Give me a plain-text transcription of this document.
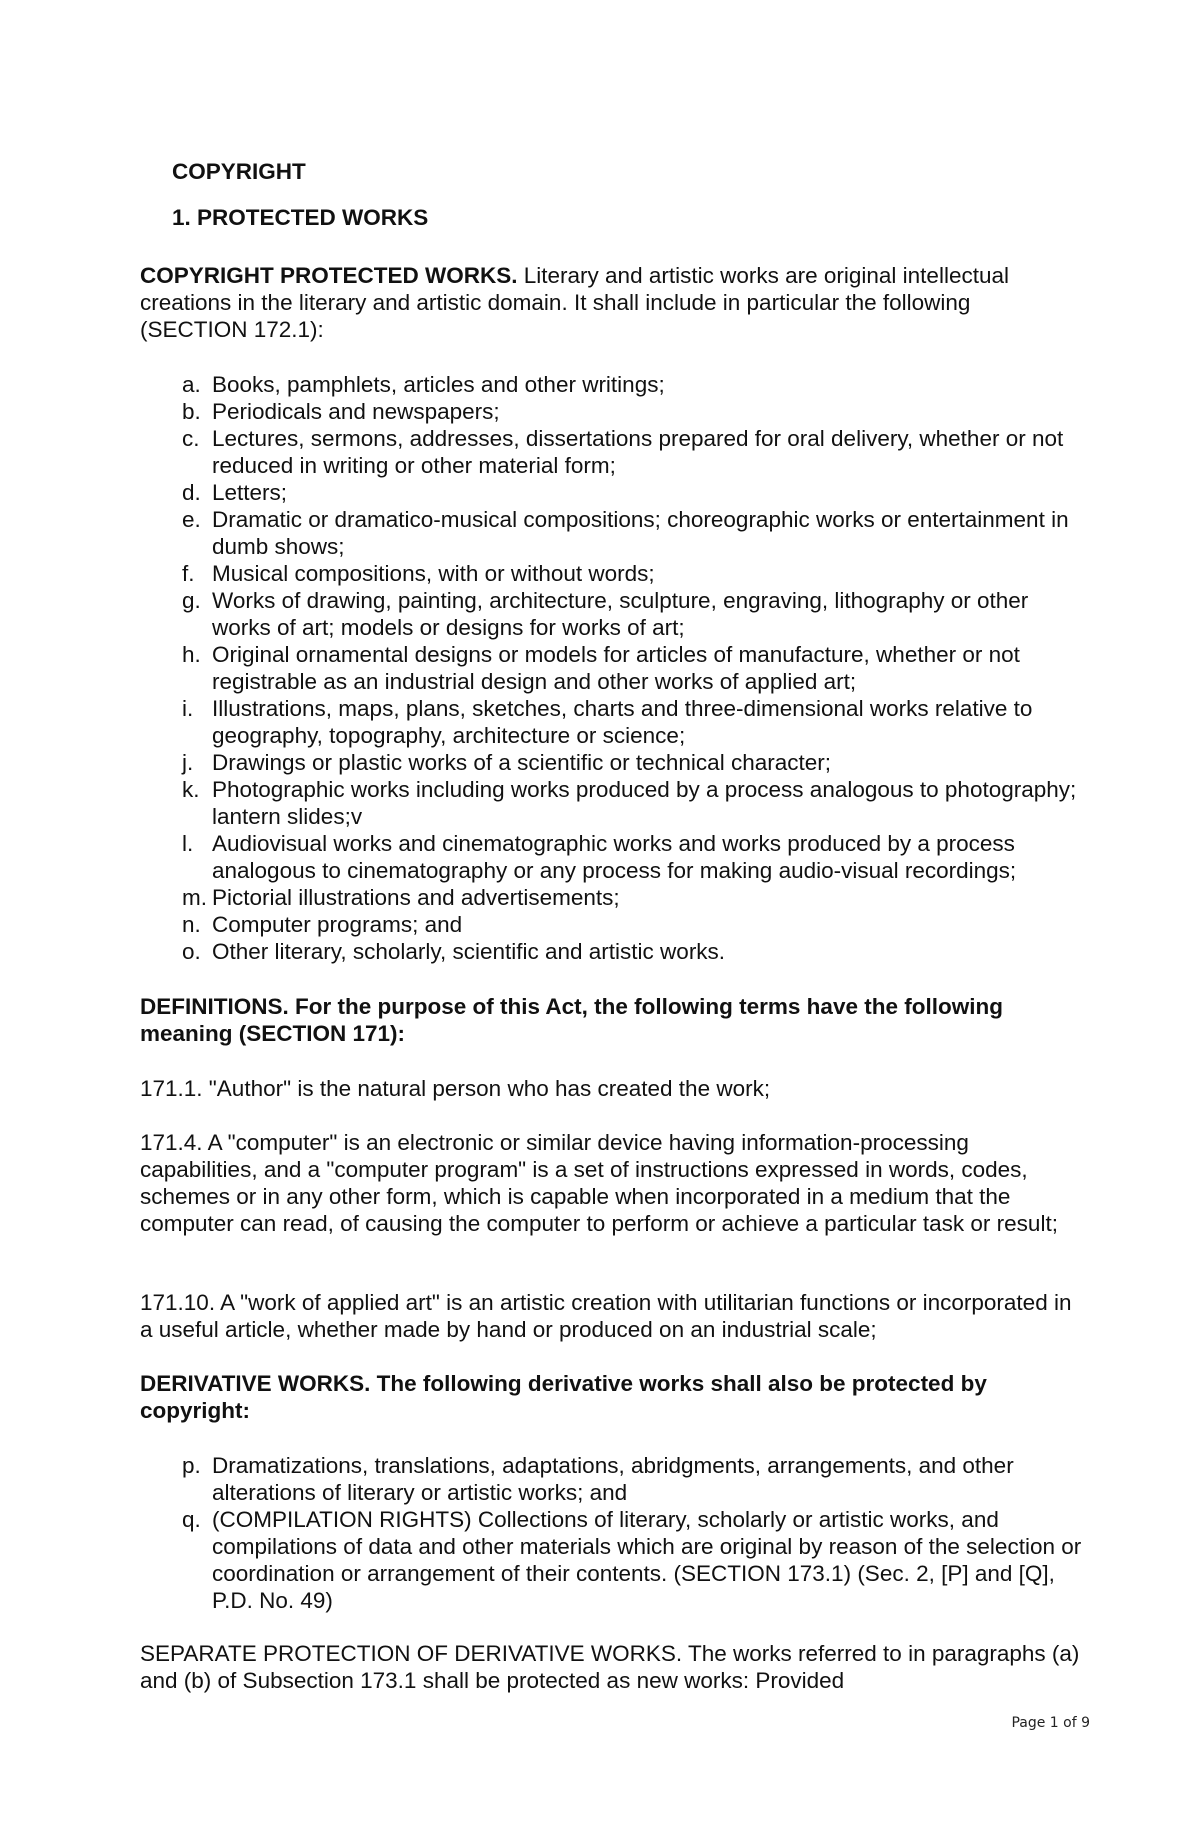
COPYRIGHT
1. PROTECTED WORKS
COPYRIGHT PROTECTED WORKS. Literary and artistic works are original intellectual creations in the literary and artistic domain. It shall include in particular the following (SECTION 172.1):
a. Books, pamphlets, articles and other writings;
b. Periodicals and newspapers;
c. Lectures, sermons, addresses, dissertations prepared for oral delivery, whether or not reduced in writing or other material form;
d. Letters;
e. Dramatic or dramatico-musical compositions; choreographic works or entertainment in dumb shows;
f. Musical compositions, with or without words;
g. Works of drawing, painting, architecture, sculpture, engraving, lithography or other works of art; models or designs for works of art;
h. Original ornamental designs or models for articles of manufacture, whether or not registrable as an industrial design and other works of applied art;
i. Illustrations, maps, plans, sketches, charts and three-dimensional works relative to geography, topography, architecture or science;
j. Drawings or plastic works of a scientific or technical character;
k. Photographic works including works produced by a process analogous to photography; lantern slides;v
l. Audiovisual works and cinematographic works and works produced by a process analogous to cinematography or any process for making audio-visual recordings;
m. Pictorial illustrations and advertisements;
n. Computer programs; and
o. Other literary, scholarly, scientific and artistic works.
DEFINITIONS. For the purpose of this Act, the following terms have the following meaning (SECTION 171):
171.1. "Author" is the natural person who has created the work;
171.4. A "computer" is an electronic or similar device having information-processing capabilities, and a "computer program" is a set of instructions expressed in words, codes, schemes or in any other form, which is capable when incorporated in a medium that the computer can read, of causing the computer to perform or achieve a particular task or result;
171.10. A "work of applied art" is an artistic creation with utilitarian functions or incorporated in a useful article, whether made by hand or produced on an industrial scale;
DERIVATIVE WORKS. The following derivative works shall also be protected by copyright:
p. Dramatizations, translations, adaptations, abridgments, arrangements, and other alterations of literary or artistic works; and
q. (COMPILATION RIGHTS) Collections of literary, scholarly or artistic works, and compilations of data and other materials which are original by reason of the selection or coordination or arrangement of their contents. (SECTION 173.1) (Sec. 2, [P] and [Q], P.D. No. 49)
SEPARATE PROTECTION OF DERIVATIVE WORKS. The works referred to in paragraphs (a) and (b) of Subsection 173.1 shall be protected as new works: Provided
Page 1 of 9
